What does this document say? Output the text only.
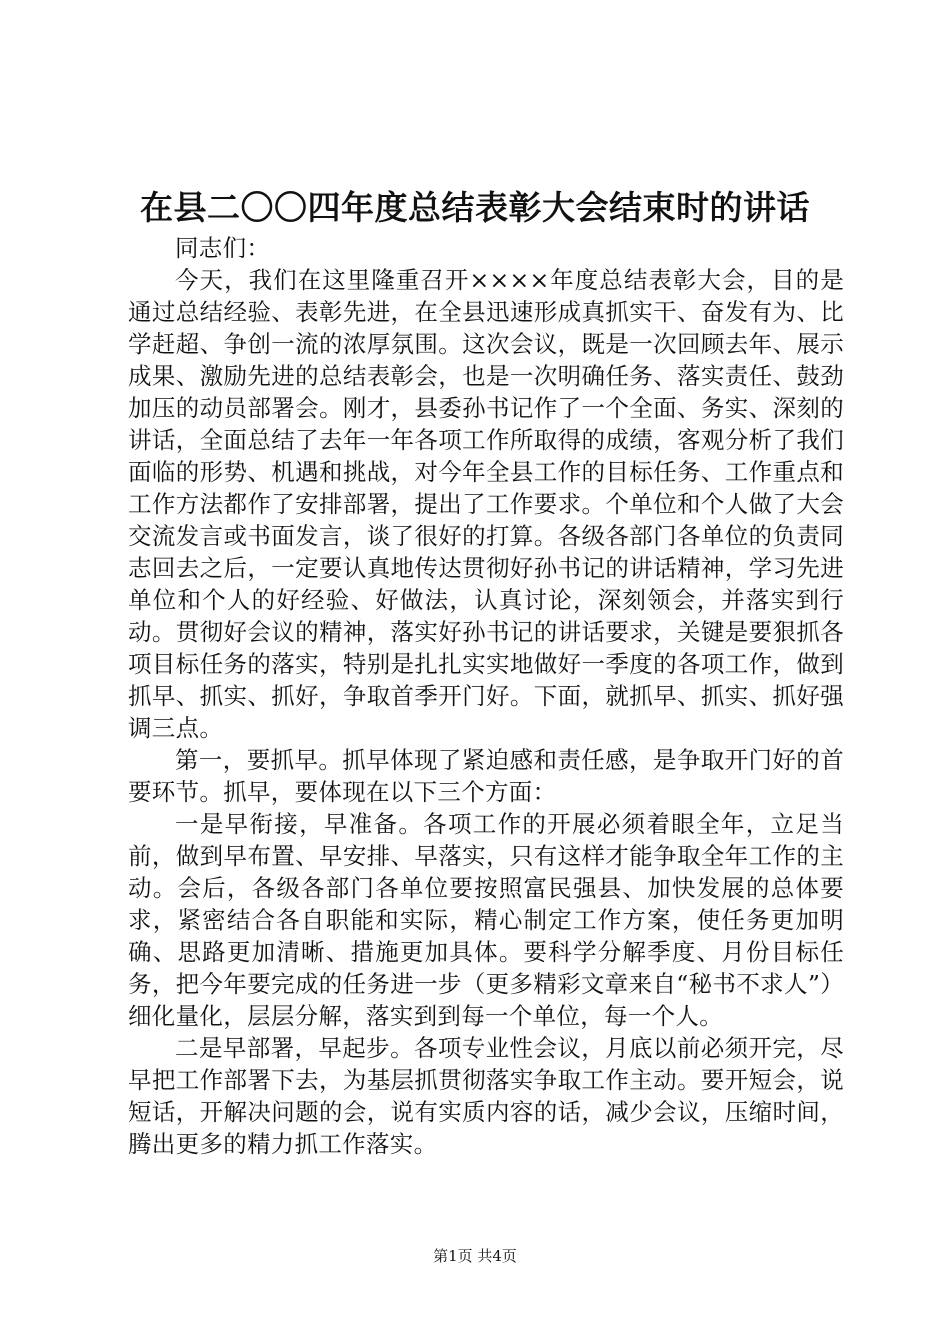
在县二〇〇四年度总结表彰大会结束时的讲话

同志们：

今天，我们在这里隆重召开××××年度总结表彰大会，目的是通过总结经验、表彰先进，在全县迅速形成真抓实干、奋发有为、比学赶超、争创一流的浓厚氛围。这次会议，既是一次回顾去年、展示成果、激励先进的总结表彰会，也是一次明确任务、落实责任、鼓劲加压的动员部署会。刚才，县委孙书记作了一个全面、务实、深刻的讲话，全面总结了去年一年各项工作所取得的成绩，客观分析了我们面临的形势、机遇和挑战，对今年全县工作的目标任务、工作重点和工作方法都作了安排部署，提出了工作要求。个单位和个人做了大会交流发言或书面发言，谈了很好的打算。各级各部门各单位的负责同志回去之后，一定要认真地传达贯彻好孙书记的讲话精神，学习先进单位和个人的好经验、好做法，认真讨论，深刻领会，并落实到行动。贯彻好会议的精神，落实好孙书记的讲话要求，关键是要狠抓各项目标任务的落实，特别是扎扎实实地做好一季度的各项工作，做到抓早、抓实、抓好，争取首季开门好。下面，就抓早、抓实、抓好强调三点。

第一，要抓早。抓早体现了紧迫感和责任感，是争取开门好的首要环节。抓早，要体现在以下三个方面：

一是早衔接，早准备。各项工作的开展必须着眼全年，立足当前，做到早布置、早安排、早落实，只有这样才能争取全年工作的主动。会后，各级各部门各单位要按照富民强县、加快发展的总体要求，紧密结合各自职能和实际，精心制定工作方案，使任务更加明确、思路更加清晰、措施更加具体。要科学分解季度、月份目标任务，把今年要完成的任务进一步（更多精彩文章来自“秘书不求人”）细化量化，层层分解，落实到到每一个单位，每一个人。

二是早部署，早起步。各项专业性会议，月底以前必须开完，尽早把工作部署下去，为基层抓贯彻落实争取工作主动。要开短会，说短话，开解决问题的会，说有实质内容的话，减少会议，压缩时间，腾出更多的精力抓工作落实。

第1页 共4页
